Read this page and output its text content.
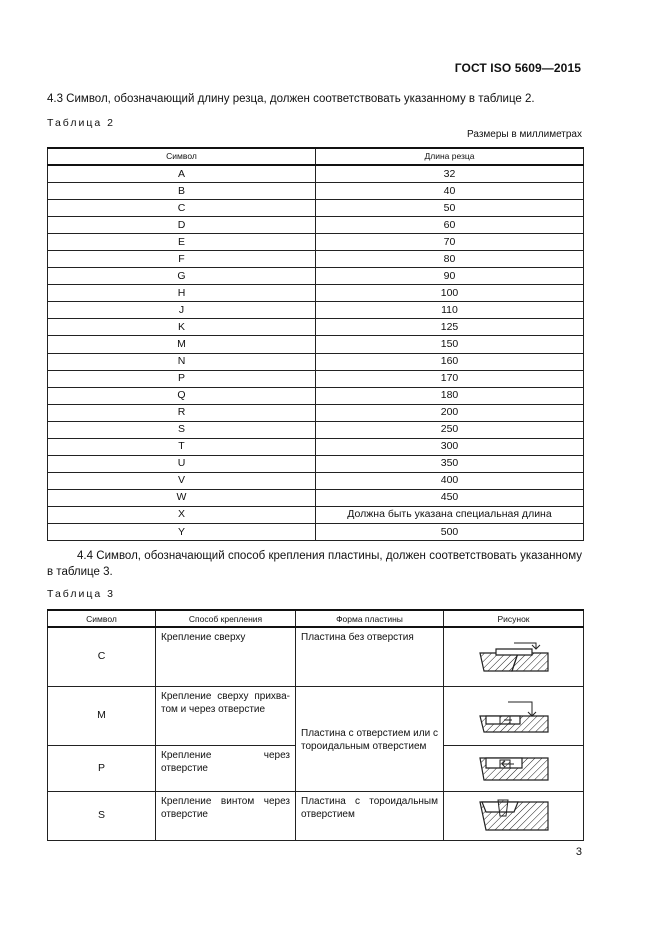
ГОСТ ISO 5609—2015
4.3 Символ, обозначающий длину резца, должен соответствовать указанному в таблице 2.
Таблица 2
Размеры в миллиметрах
Символ	Длина резца
A	32
B	40
C	50
D	60
E	70
F	80
G	90
H	100
J	110
K	125
M	150
N	160
P	170
Q	180
R	200
S	250
T	300
U	350
V	400
W	450
X	Должна быть указана специальная длина
Y	500
4.4 Символ, обозначающий способ крепления пластины, должен соответствовать указанному в таблице 3.
Таблица 3
Символ	Способ крепления	Форма пластины	Рисунок
C	Крепление сверху	Пластина без отверстия	
M	Крепление сверху прихва-том и через отверстие	Пластина с отверстием или с тороидальным отверстием	
P	Крепление через отверстие	
S	Крепление винтом через отверстие	Пластина с тороидальным отверстием	
3
